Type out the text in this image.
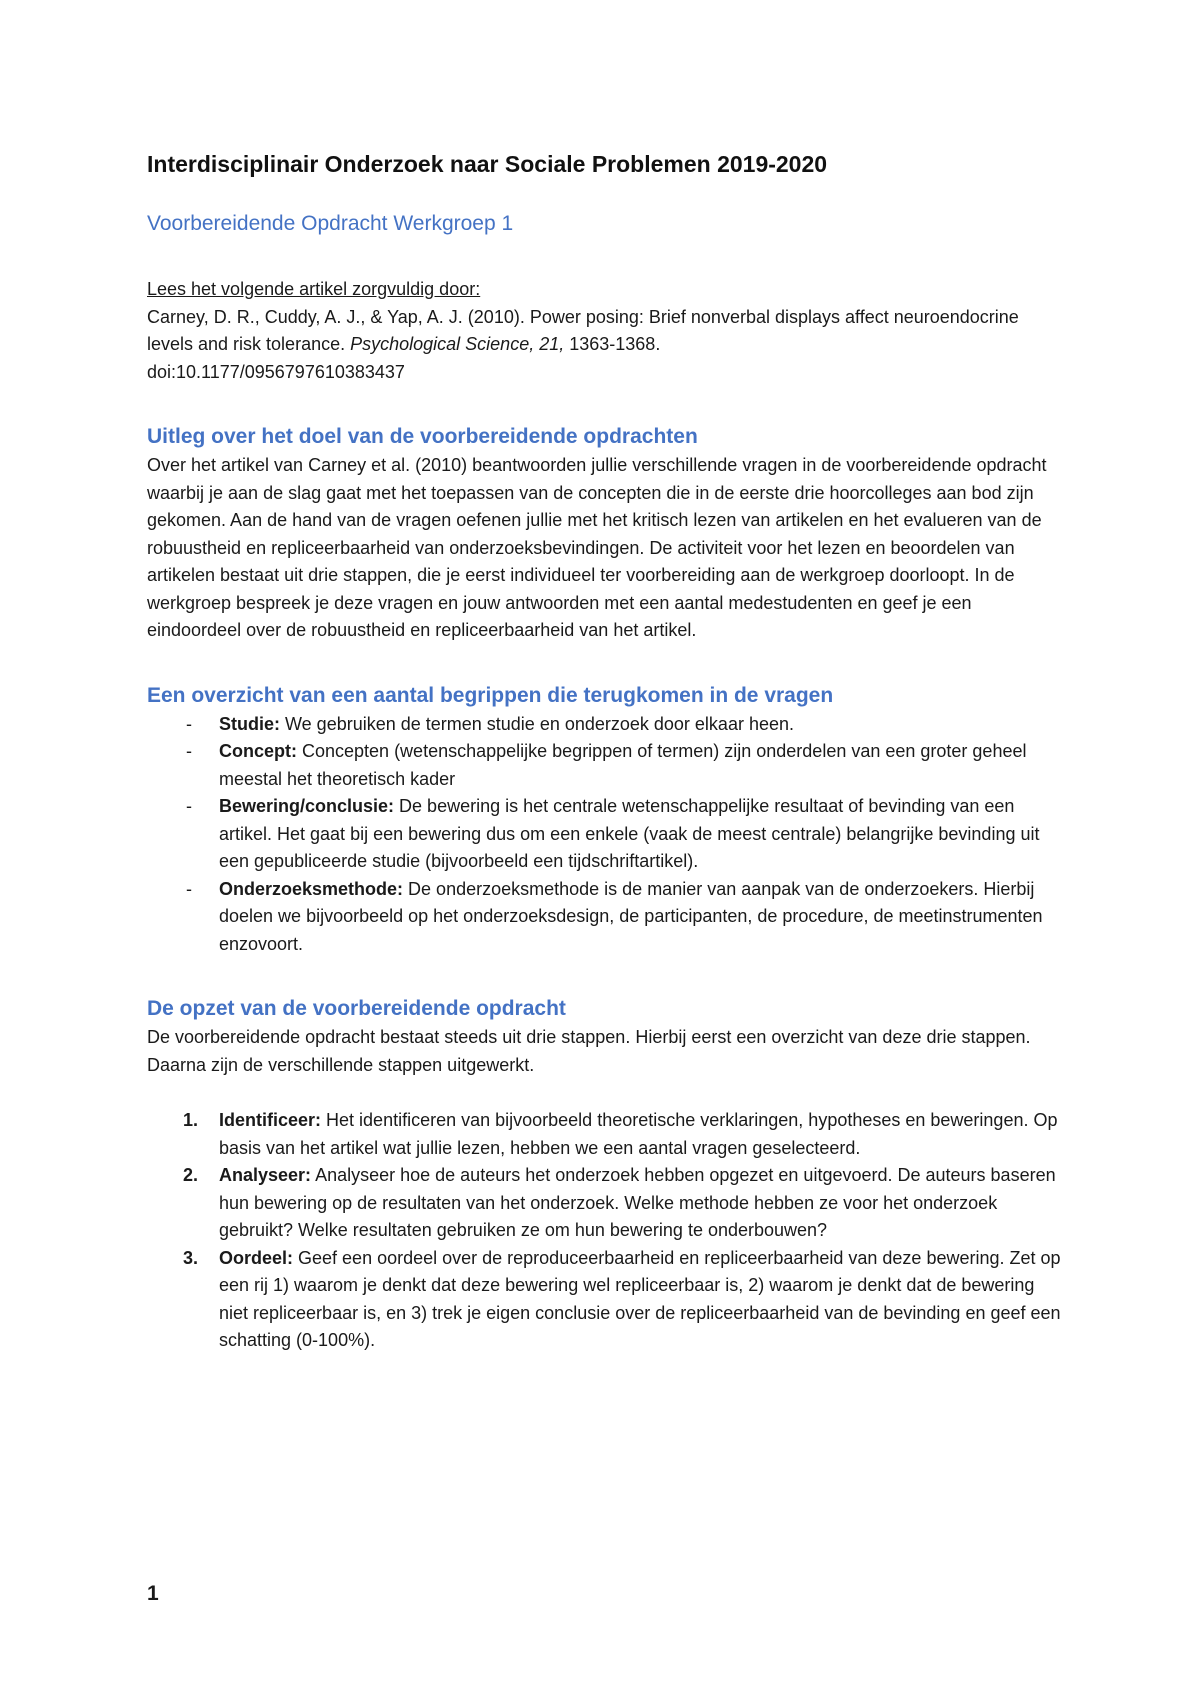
Interdisciplinair Onderzoek naar Sociale Problemen 2019-2020
Voorbereidende Opdracht Werkgroep 1
Lees het volgende artikel zorgvuldig door:
Carney, D. R., Cuddy, A. J., & Yap, A. J. (2010). Power posing: Brief nonverbal displays affect neuroendocrine levels and risk tolerance. Psychological Science, 21, 1363-1368.
doi:10.1177/0956797610383437
Uitleg over het doel van de voorbereidende opdrachten

Over het artikel van Carney et al. (2010) beantwoorden jullie verschillende vragen in de voorbereidende opdracht waarbij je aan de slag gaat met het toepassen van de concepten die in de eerste drie hoorcolleges aan bod zijn gekomen. Aan de hand van de vragen oefenen jullie met het kritisch lezen van artikelen en het evalueren van de robuustheid en repliceerbaarheid van onderzoeksbevindingen. De activiteit voor het lezen en beoordelen van artikelen bestaat uit drie stappen, die je eerst individueel ter voorbereiding aan de werkgroep doorloopt. In de werkgroep bespreek je deze vragen en jouw antwoorden met een aantal medestudenten en geef je een eindoordeel over de robuustheid en repliceerbaarheid van het artikel.

Een overzicht van een aantal begrippen die terugkomen in de vragen
- Studie: We gebruiken de termen studie en onderzoek door elkaar heen.
- Concept: Concepten (wetenschappelijke begrippen of termen) zijn onderdelen van een groter geheel meestal het theoretisch kader
- Bewering/conclusie: De bewering is het centrale wetenschappelijke resultaat of bevinding van een artikel. Het gaat bij een bewering dus om een enkele (vaak de meest centrale) belangrijke bevinding uit een gepubliceerde studie (bijvoorbeeld een tijdschriftartikel).
- Onderzoeksmethode: De onderzoeksmethode is de manier van aanpak van de onderzoekers. Hierbij doelen we bijvoorbeeld op het onderzoeksdesign, de participanten, de procedure, de meetinstrumenten enzovoort.
De opzet van de voorbereidende opdracht

De voorbereidende opdracht bestaat steeds uit drie stappen. Hierbij eerst een overzicht van deze drie stappen. Daarna zijn de verschillende stappen uitgewerkt.

1. Identificeer: Het identificeren van bijvoorbeeld theoretische verklaringen, hypotheses en beweringen. Op basis van het artikel wat jullie lezen, hebben we een aantal vragen geselecteerd.
2. Analyseer: Analyseer hoe de auteurs het onderzoek hebben opgezet en uitgevoerd. De auteurs baseren hun bewering op de resultaten van het onderzoek. Welke methode hebben ze voor het onderzoek gebruikt? Welke resultaten gebruiken ze om hun bewering te onderbouwen?
3. Oordeel: Geef een oordeel over de reproduceerbaarheid en repliceerbaarheid van deze bewering. Zet op een rij 1) waarom je denkt dat deze bewering wel repliceerbaar is, 2) waarom je denkt dat de bewering niet repliceerbaar is, en 3) trek je eigen conclusie over de repliceerbaarheid van de bevinding en geef een schatting (0-100%).
1
